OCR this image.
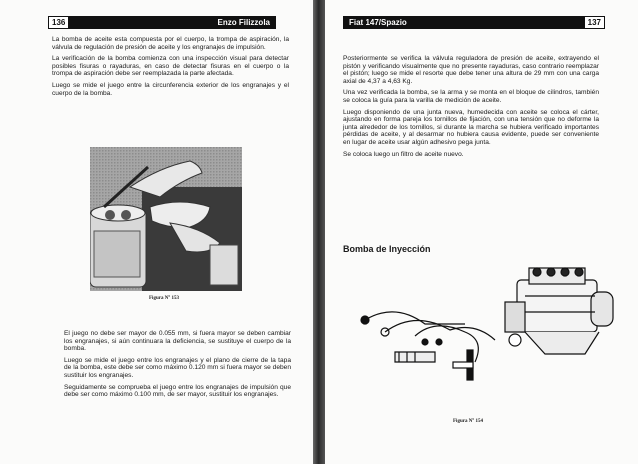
136	Enzo Filizzola	Fiat 147/Spazio	137

La bomba de aceite esta compuesta por el cuerpo, la trompa de aspiración, la válvula de regulación de presión de aceite y los engranajes de impulsión.

La verificación de la bomba comienza con una inspección visual para detectar posibles fisuras o rayaduras, en caso de detectar fisuras en el cuerpo o la trompa de aspiración debe ser reemplazada la parte afectada.

Luego se mide el juego entre la circunferencia exterior de los engranajes y el cuerpo de la bomba.

Figura N° 153

El juego no debe ser mayor de 0.055 mm, si fuera mayor se deben cambiar los engranajes, si aún continuara la deficiencia, se sustituye el cuerpo de la bomba.

Luego se mide el juego entre los engranajes y el plano de cierre de la tapa de la bomba, este debe ser como máximo 0.120 mm si fuera mayor se deben sustituir los engranajes.

Seguidamente se comprueba el juego entre los engranajes de impulsión que debe ser como máximo 0.100 mm, de ser mayor, sustituir los engranajes.

Posteriormente se verifica la válvula reguladora de presión de aceite, extrayendo el pistón y verificando visualmente que no presente rayaduras, caso contrario reemplazar el pistón; luego se mide el resorte que debe tener una altura de 29 mm con una carga axial de 4,37 a 4,63 Kg.

Una vez verificada la bomba, se la arma y se monta en el bloque de cilindros, también se coloca la guía para la varilla de medición de aceite.

Luego disponiendo de una junta nueva, humedecida con aceite se coloca el cárter, ajustando en forma pareja los tornillos de fijación, con una tensión que no deforme la junta alrededor de los tornillos, si durante la marcha se hubiera verificado importantes pérdidas de aceite, y al desarmar no hubiera causa evidente, puede ser conveniente en lugar de aceite usar algún adhesivo pega junta.

Se coloca luego un filtro de aceite nuevo.

Bomba de Inyección
Figura N° 154
